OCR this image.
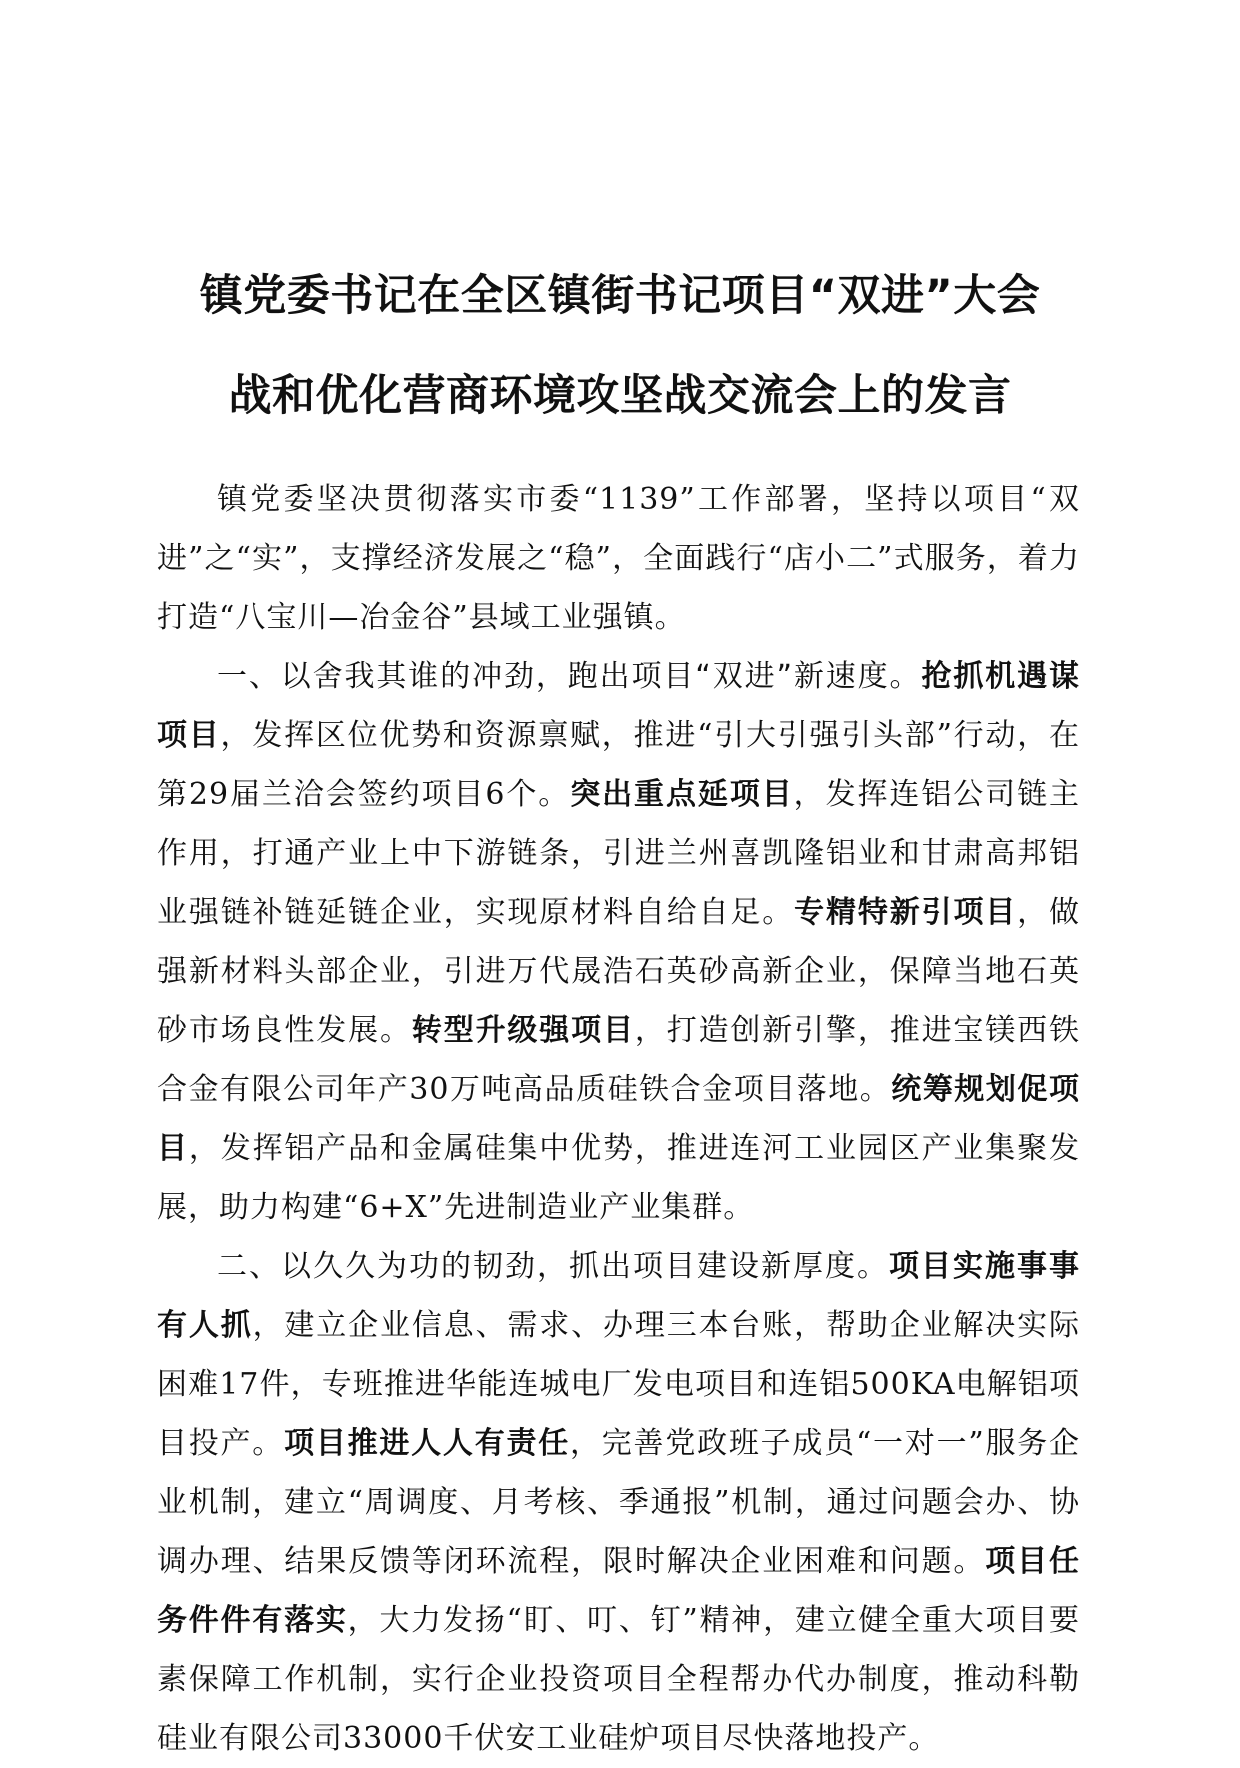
镇党委书记在全区镇街书记项目“双进”大会
战和优化营商环境攻坚战交流会上的发言

镇党委坚决贯彻落实市委“1139”工作部署，坚持以项目“双进”之“实”，支撑经济发展之“稳”，全面践行“店小二”式服务，着力打造“八宝川—冶金谷”县域工业强镇。

一、以舍我其谁的冲劲，跑出项目“双进”新速度。抢抓机遇谋项目，发挥区位优势和资源禀赋，推进“引大引强引头部”行动，在第29届兰洽会签约项目6个。突出重点延项目，发挥连铝公司链主作用，打通产业上中下游链条，引进兰州喜凯隆铝业和甘肃高邦铝业强链补链延链企业，实现原材料自给自足。专精特新引项目，做强新材料头部企业，引进万代晟浩石英砂高新企业，保障当地石英砂市场良性发展。转型升级强项目，打造创新引擎，推进宝镁西铁合金有限公司年产30万吨高品质硅铁合金项目落地。统筹规划促项目，发挥铝产品和金属硅集中优势，推进连河工业园区产业集聚发展，助力构建“6+X”先进制造业产业集群。

二、以久久为功的韧劲，抓出项目建设新厚度。项目实施事事有人抓，建立企业信息、需求、办理三本台账，帮助企业解决实际困难17件，专班推进华能连城电厂发电项目和连铝500KA电解铝项目投产。项目推进人人有责任，完善党政班子成员“一对一”服务企业机制，建立“周调度、月考核、季通报”机制，通过问题会办、协调办理、结果反馈等闭环流程，限时解决企业困难和问题。项目任务件件有落实，大力发扬“盯、叮、钉”精神，建立健全重大项目要素保障工作机制，实行企业投资项目全程帮办代办制度，推动科勒硅业有限公司33000千伏安工业硅炉项目尽快落地投产。
